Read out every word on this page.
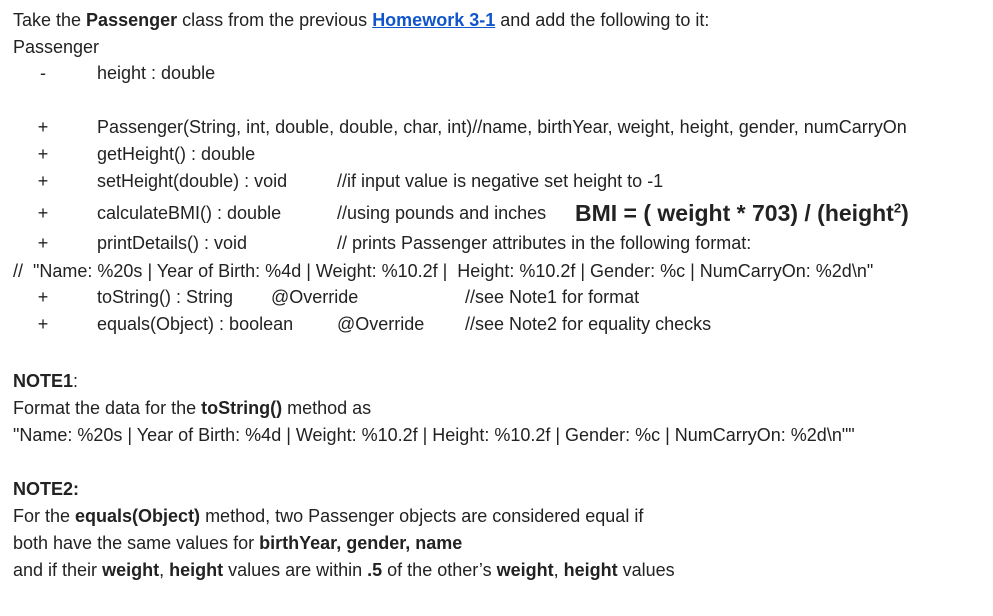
Take the Passenger class from the previous Homework 3-1 and add the following to it:
Passenger
-	height : double
+	Passenger(String, int, double, double, char, int)//name, birthYear, weight, height, gender, numCarryOn
+	getHeight() : double
+	setHeight(double) : void	//if input value is negative set height to -1
+	calculateBMI() : double	//using pounds and inches BMI = ( weight * 703) / (height$^2$)
+	printDetails() : void	// prints Passenger attributes in the following format:
//  "Name: %20s | Year of Birth: %4d | Weight: %10.2f |  Height: %10.2f | Gender: %c | NumCarryOn: %2d\n"
+	toString() : String @Override	//see Note1 for format
+	equals(Object) : boolean @Override //see Note2 for equality checks
NOTE1:
Format the data for the toString() method as
"Name: %20s | Year of Birth: %4d | Weight: %10.2f | Height: %10.2f | Gender: %c | NumCarryOn: %2d\n""
NOTE2:
For the equals(Object) method, two Passenger objects are considered equal if
both have the same values for birthYear, gender, name
and if their weight, height values are within .5 of the other’s weight, height values
